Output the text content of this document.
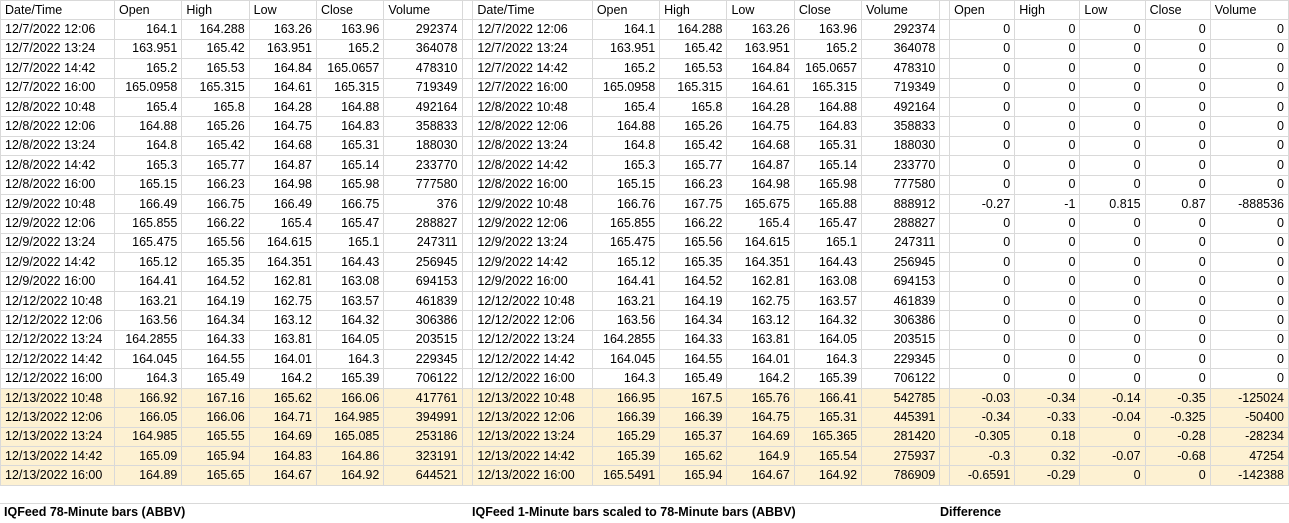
Date/Time	Open	High	Low	Close	Volume		Date/Time	Open	High	Low	Close	Volume		Open	High	Low	Close	Volume
12/7/2022 12:06	164.1	164.288	163.26	163.96	292374		12/7/2022 12:06	164.1	164.288	163.26	163.96	292374		0	0	0	0	0
12/7/2022 13:24	163.951	165.42	163.951	165.2	364078		12/7/2022 13:24	163.951	165.42	163.951	165.2	364078		0	0	0	0	0
12/7/2022 14:42	165.2	165.53	164.84	165.0657	478310		12/7/2022 14:42	165.2	165.53	164.84	165.0657	478310		0	0	0	0	0
12/7/2022 16:00	165.0958	165.315	164.61	165.315	719349		12/7/2022 16:00	165.0958	165.315	164.61	165.315	719349		0	0	0	0	0
12/8/2022 10:48	165.4	165.8	164.28	164.88	492164		12/8/2022 10:48	165.4	165.8	164.28	164.88	492164		0	0	0	0	0
12/8/2022 12:06	164.88	165.26	164.75	164.83	358833		12/8/2022 12:06	164.88	165.26	164.75	164.83	358833		0	0	0	0	0
12/8/2022 13:24	164.8	165.42	164.68	165.31	188030		12/8/2022 13:24	164.8	165.42	164.68	165.31	188030		0	0	0	0	0
12/8/2022 14:42	165.3	165.77	164.87	165.14	233770		12/8/2022 14:42	165.3	165.77	164.87	165.14	233770		0	0	0	0	0
12/8/2022 16:00	165.15	166.23	164.98	165.98	777580		12/8/2022 16:00	165.15	166.23	164.98	165.98	777580		0	0	0	0	0
12/9/2022 10:48	166.49	166.75	166.49	166.75	376		12/9/2022 10:48	166.76	167.75	165.675	165.88	888912		-0.27	-1	0.815	0.87	-888536
12/9/2022 12:06	165.855	166.22	165.4	165.47	288827		12/9/2022 12:06	165.855	166.22	165.4	165.47	288827		0	0	0	0	0
12/9/2022 13:24	165.475	165.56	164.615	165.1	247311		12/9/2022 13:24	165.475	165.56	164.615	165.1	247311		0	0	0	0	0
12/9/2022 14:42	165.12	165.35	164.351	164.43	256945		12/9/2022 14:42	165.12	165.35	164.351	164.43	256945		0	0	0	0	0
12/9/2022 16:00	164.41	164.52	162.81	163.08	694153		12/9/2022 16:00	164.41	164.52	162.81	163.08	694153		0	0	0	0	0
12/12/2022 10:48	163.21	164.19	162.75	163.57	461839		12/12/2022 10:48	163.21	164.19	162.75	163.57	461839		0	0	0	0	0
12/12/2022 12:06	163.56	164.34	163.12	164.32	306386		12/12/2022 12:06	163.56	164.34	163.12	164.32	306386		0	0	0	0	0
12/12/2022 13:24	164.2855	164.33	163.81	164.05	203515		12/12/2022 13:24	164.2855	164.33	163.81	164.05	203515		0	0	0	0	0
12/12/2022 14:42	164.045	164.55	164.01	164.3	229345		12/12/2022 14:42	164.045	164.55	164.01	164.3	229345		0	0	0	0	0
12/12/2022 16:00	164.3	165.49	164.2	165.39	706122		12/12/2022 16:00	164.3	165.49	164.2	165.39	706122		0	0	0	0	0
12/13/2022 10:48	166.92	167.16	165.62	166.06	417761		12/13/2022 10:48	166.95	167.5	165.76	166.41	542785		-0.03	-0.34	-0.14	-0.35	-125024
12/13/2022 12:06	166.05	166.06	164.71	164.985	394991		12/13/2022 12:06	166.39	166.39	164.75	165.31	445391		-0.34	-0.33	-0.04	-0.325	-50400
12/13/2022 13:24	164.985	165.55	164.69	165.085	253186		12/13/2022 13:24	165.29	165.37	164.69	165.365	281420		-0.305	0.18	0	-0.28	-28234
12/13/2022 14:42	165.09	165.94	164.83	164.86	323191		12/13/2022 14:42	165.39	165.62	164.9	165.54	275937		-0.3	0.32	-0.07	-0.68	47254
12/13/2022 16:00	164.89	165.65	164.67	164.92	644521		12/13/2022 16:00	165.5491	165.94	164.67	164.92	786909		-0.6591	-0.29	0	0	-142388
IQFeed 78-Minute bars (ABBV)	IQFeed 1-Minute bars scaled to 78-Minute bars (ABBV)	Difference
